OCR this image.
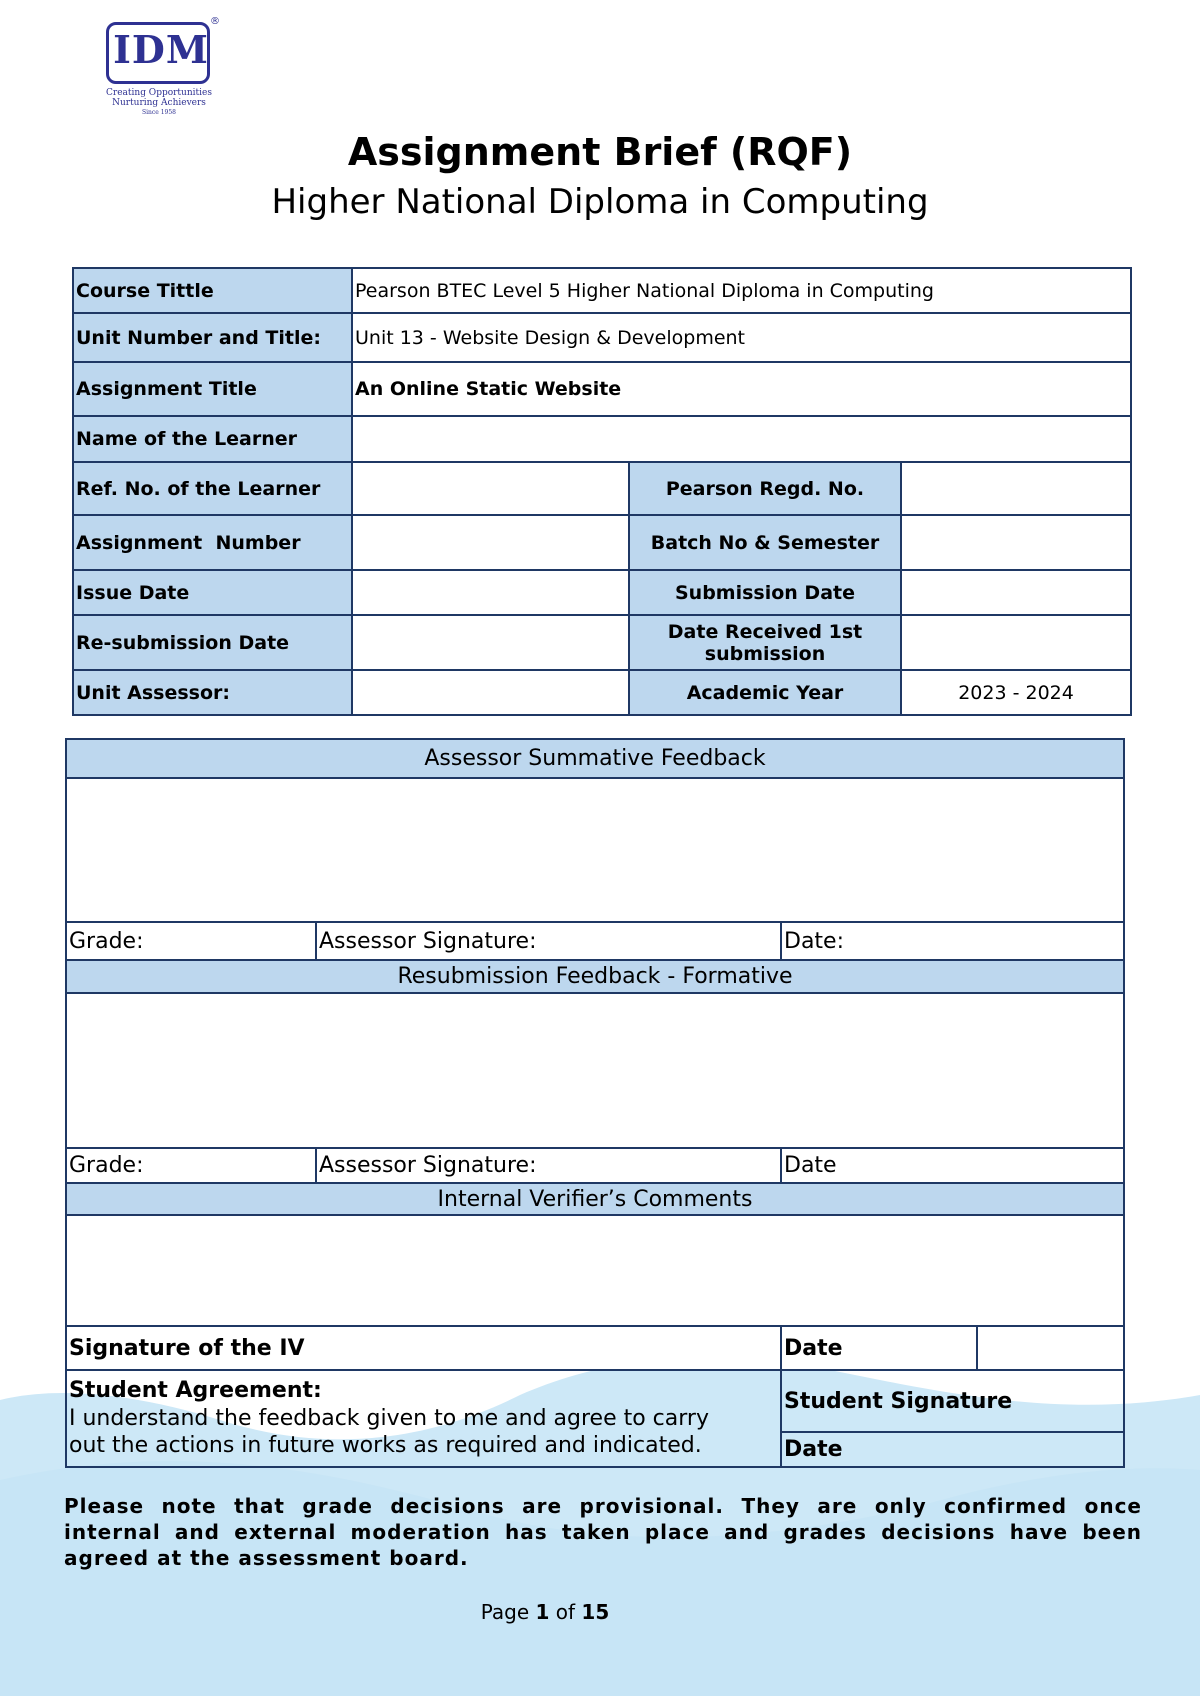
IDM
®
Creating Opportunities
Nurturing Achievers
Since 1958
Assignment Brief (RQF)
Higher National Diploma in Computing
Course Tittle	Pearson BTEC Level 5 Higher National Diploma in Computing		
Unit Number and Title:	Unit 13 - Website Design & Development		
Assignment Title	An Online Static Website		
Name of the Learner			
Ref. No. of the Learner		Pearson Regd. No.	
Assignment  Number		Batch No & Semester	
Issue Date		Submission Date	
Re-submission Date		Date Received 1st submission	
Unit Assessor:		Academic Year	2023 - 2024
Assessor Summative Feedback			

Grade:	Assessor Signature:	Date:	
Resubmission Feedback - Formative			

Grade:	Assessor Signature:	Date	
Internal Verifier’s Comments			

Signature of the IV		Date	

Student Agreement:
I understand the feedback given to me and agree to carry out the actions in future works as required and indicated.		Student Signature	
		Date	
Please note that grade decisions are provisional. They are only confirmed once internal and external moderation has taken place and grades decisions have been agreed at the assessment board.
Page 1 of 15
